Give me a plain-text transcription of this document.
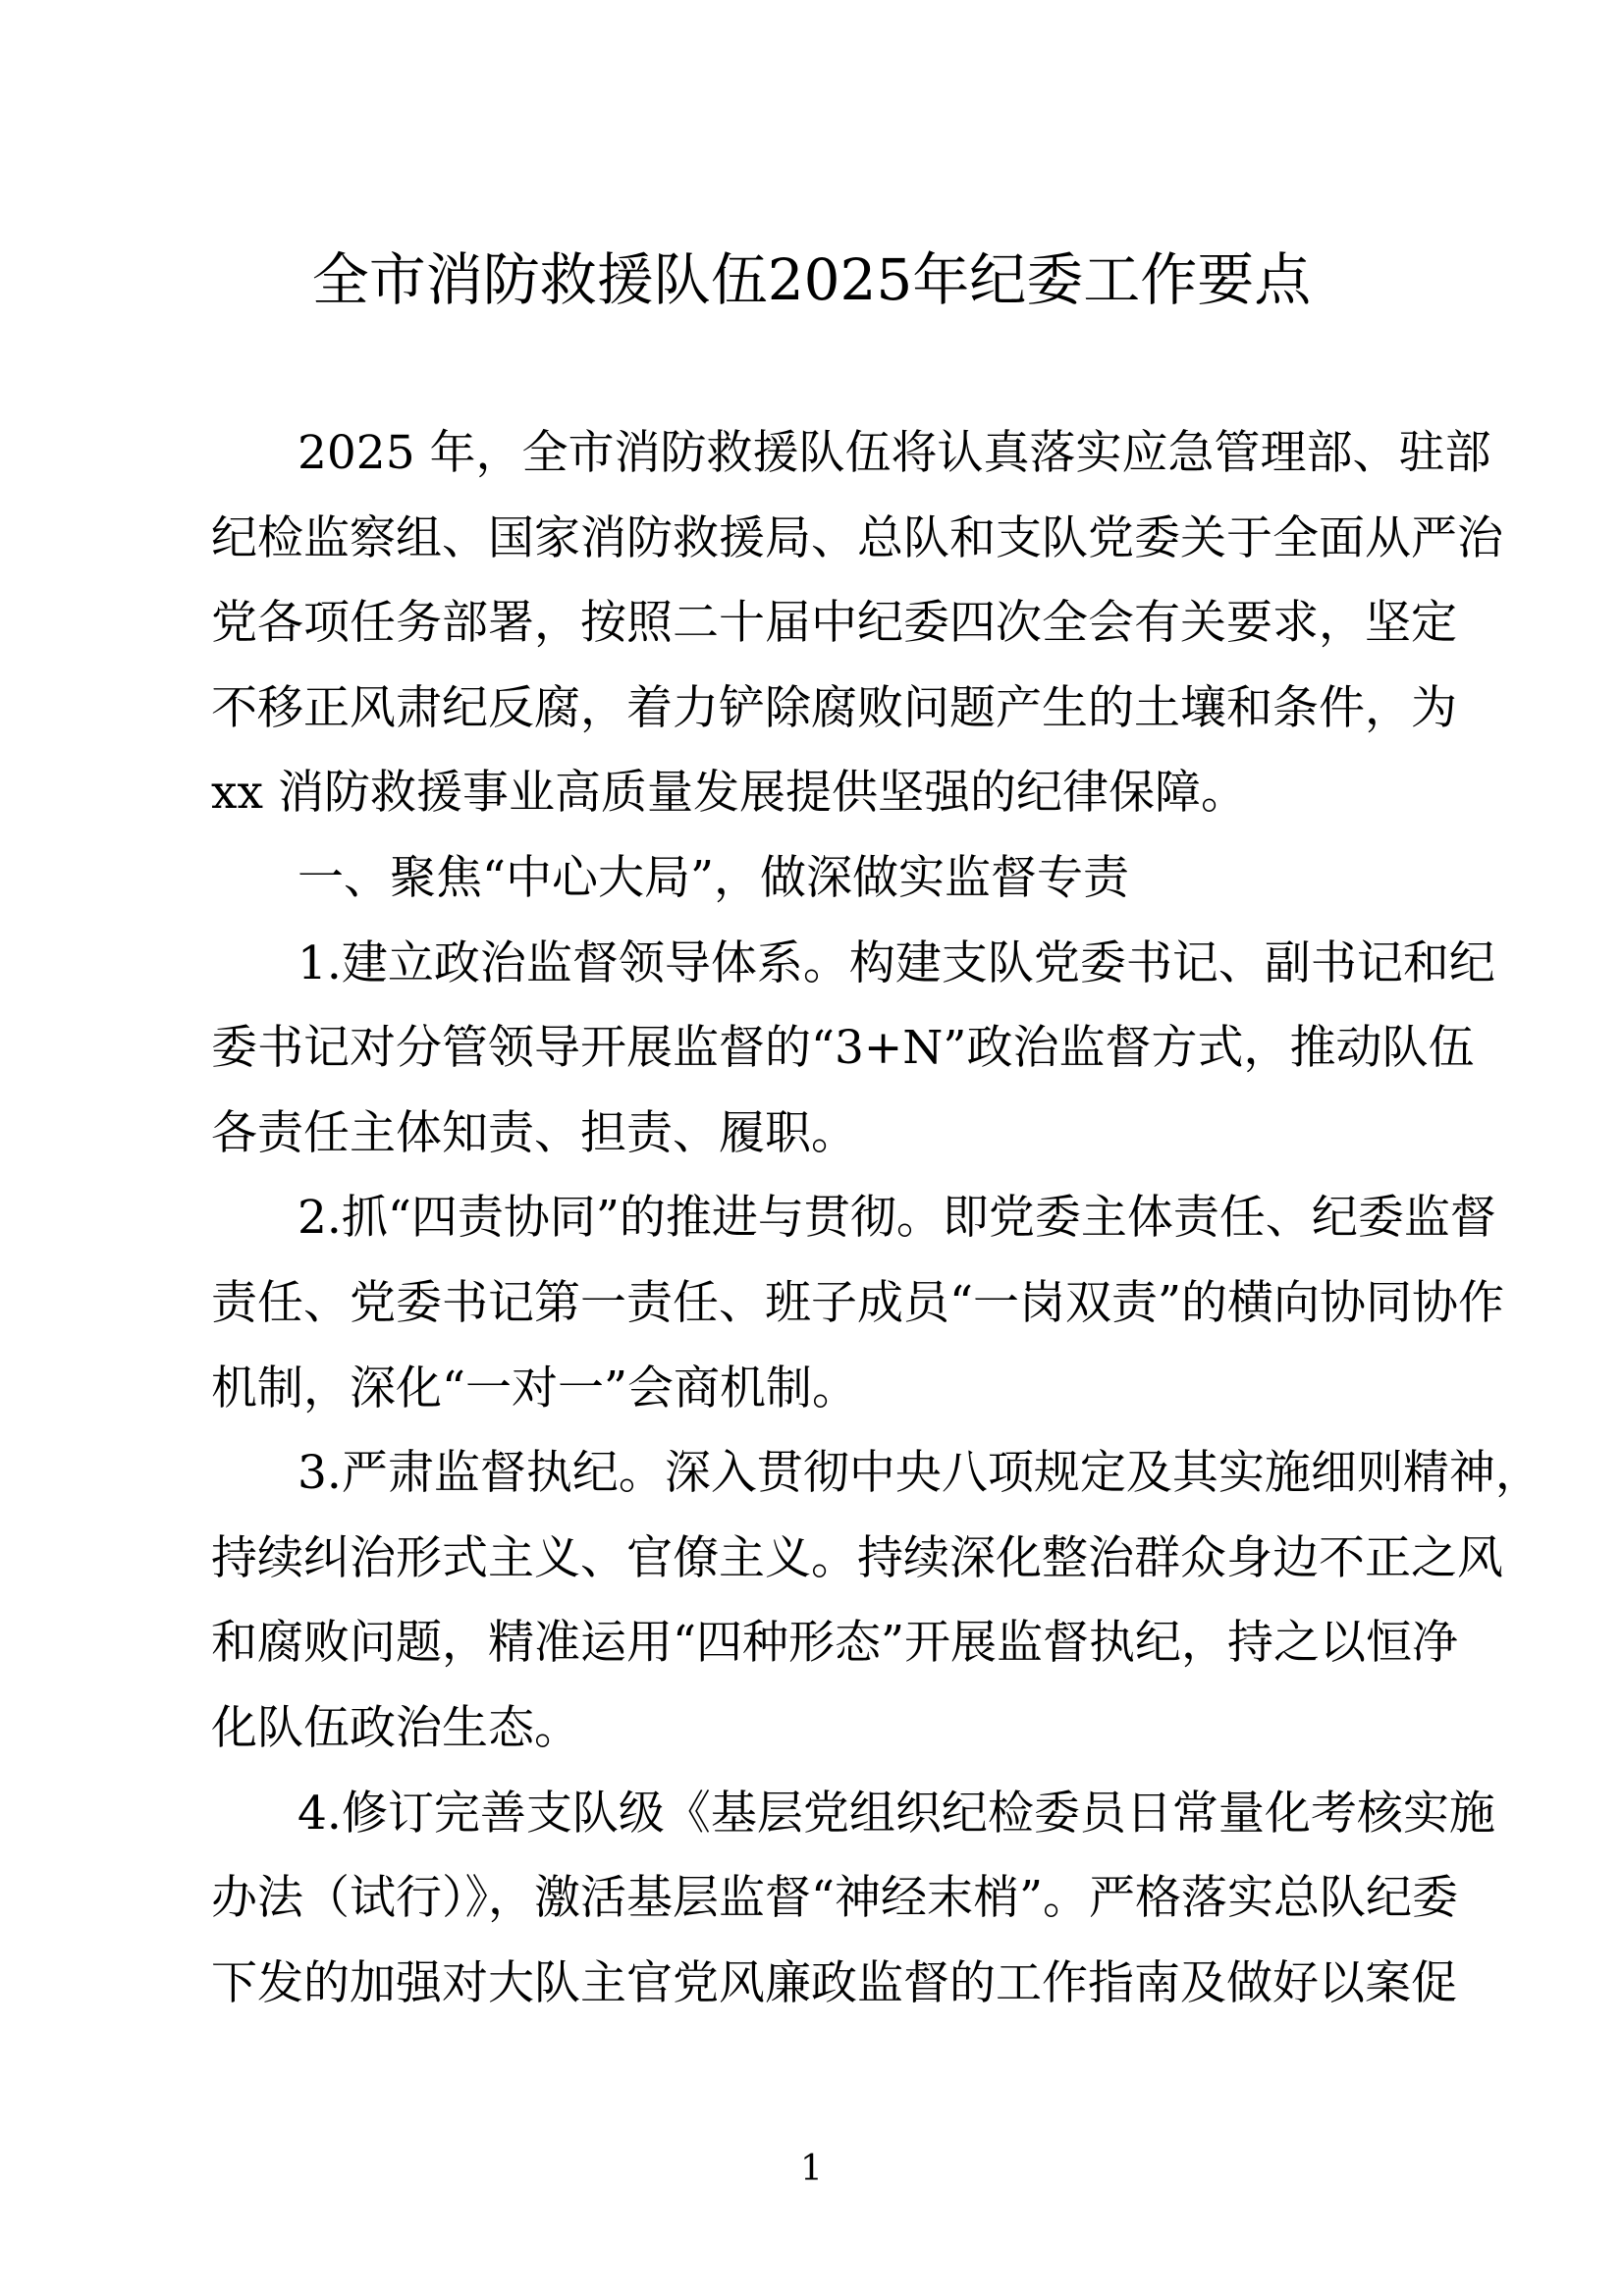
全市消防救援队伍2025年纪委工作要点
2025 年，全市消防救援队伍将认真落实应急管理部、驻部
纪检监察组、国家消防救援局、总队和支队党委关于全面从严治
党各项任务部署，按照二十届中纪委四次全会有关要求，坚定
不移正风肃纪反腐，着力铲除腐败问题产生的土壤和条件，为
xx 消防救援事业高质量发展提供坚强的纪律保障。
一、聚焦“中心大局”，做深做实监督专责
1.建立政治监督领导体系。构建支队党委书记、副书记和纪
委书记对分管领导开展监督的“3+N”政治监督方式，推动队伍
各责任主体知责、担责、履职。
2.抓“四责协同”的推进与贯彻。即党委主体责任、纪委监督
责任、党委书记第一责任、班子成员“一岗双责”的横向协同协作
机制，深化“一对一”会商机制。
3.严肃监督执纪。深入贯彻中央八项规定及其实施细则精神，
持续纠治形式主义、官僚主义。持续深化整治群众身边不正之风
和腐败问题，精准运用“四种形态”开展监督执纪，持之以恒净
化队伍政治生态。
4.修订完善支队级《基层党组织纪检委员日常量化考核实施
办法（试行）》，激活基层监督“神经末梢”。严格落实总队纪委
下发的加强对大队主官党风廉政监督的工作指南及做好以案促
1
